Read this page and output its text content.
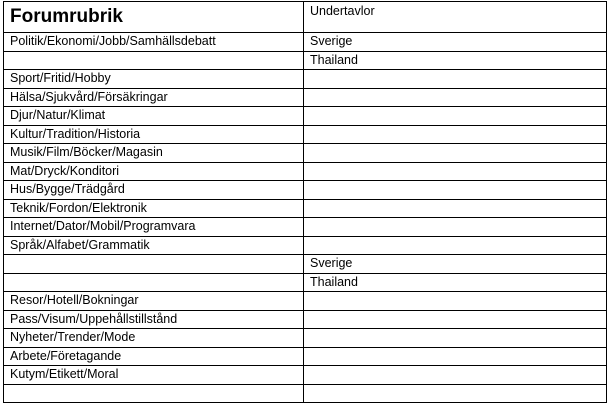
Forumrubrik	Undertavlor
Politik/Ekonomi/Jobb/Samhällsdebatt	Sverige
	Thailand
Sport/Fritid/Hobby	
Hälsa/Sjukvård/Försäkringar	
Djur/Natur/Klimat	
Kultur/Tradition/Historia	
Musik/Film/Böcker/Magasin	
Mat/Dryck/Konditori	
Hus/Bygge/Trädgård	
Teknik/Fordon/Elektronik	
Internet/Dator/Mobil/Programvara	
Språk/Alfabet/Grammatik	
	Sverige
	Thailand
Resor/Hotell/Bokningar	
Pass/Visum/Uppehållstillstånd	
Nyheter/Trender/Mode	
Arbete/Företagande	
Kutym/Etikett/Moral	
